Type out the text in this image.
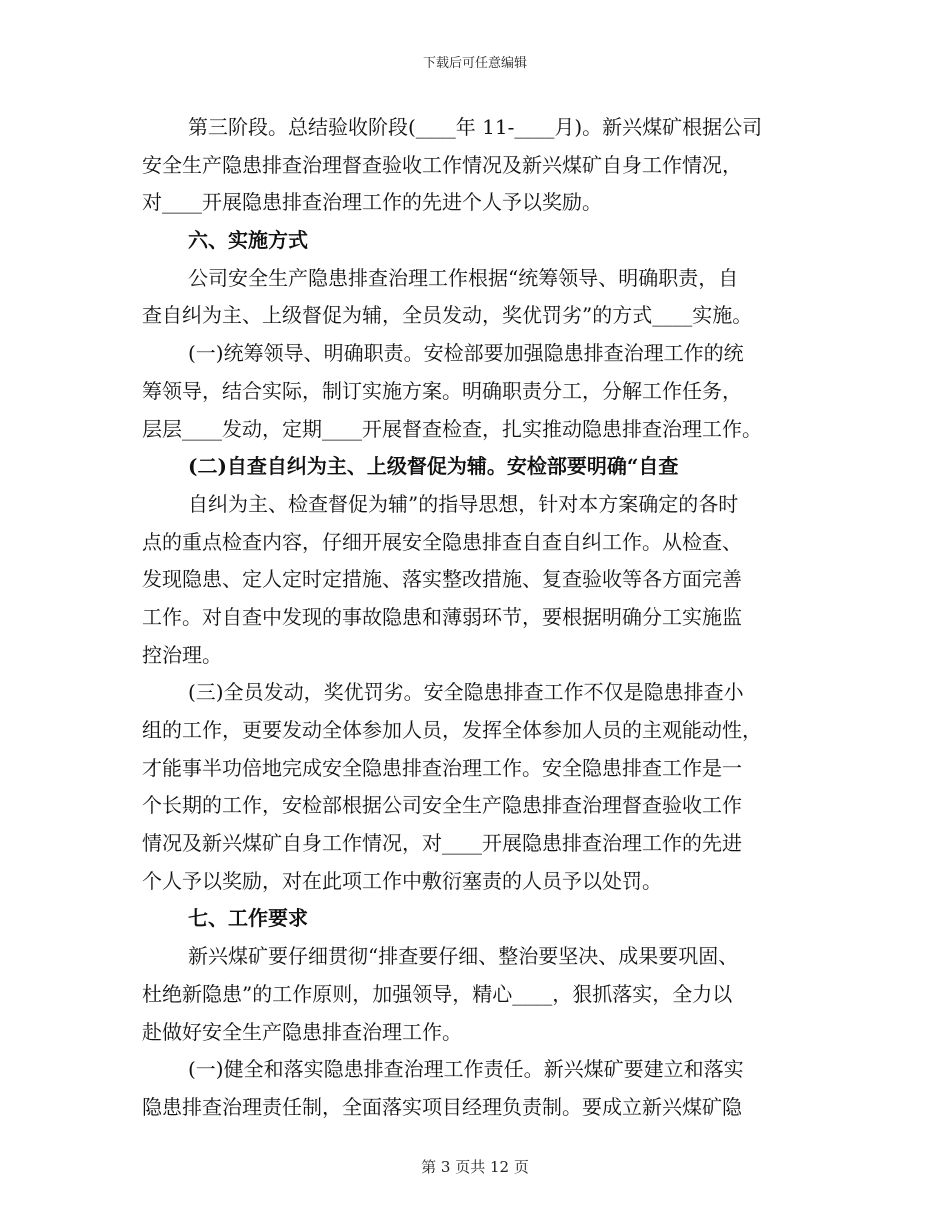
下载后可任意编辑
第三阶段。总结验收阶段(____年 11-____月)。新兴煤矿根据公司
安全生产隐患排查治理督查验收工作情况及新兴煤矿自身工作情况，
对____开展隐患排查治理工作的先进个人予以奖励。
六、实施方式
公司安全生产隐患排查治理工作根据“统筹领导、明确职责，自
查自纠为主、上级督促为辅，全员发动，奖优罚劣”的方式____实施。
(一)统筹领导、明确职责。安检部要加强隐患排查治理工作的统
筹领导，结合实际，制订实施方案。明确职责分工，分解工作任务，
层层____发动，定期____开展督查检查，扎实推动隐患排查治理工作。
(二)自查自纠为主、上级督促为辅。安检部要明确“自查
自纠为主、检查督促为辅”的指导思想，针对本方案确定的各时
点的重点检查内容，仔细开展安全隐患排查自查自纠工作。从检查、
发现隐患、定人定时定措施、落实整改措施、复查验收等各方面完善
工作。对自查中发现的事故隐患和薄弱环节，要根据明确分工实施监
控治理。
(三)全员发动，奖优罚劣。安全隐患排查工作不仅是隐患排查小
组的工作，更要发动全体参加人员，发挥全体参加人员的主观能动性，
才能事半功倍地完成安全隐患排查治理工作。安全隐患排查工作是一
个长期的工作，安检部根据公司安全生产隐患排查治理督查验收工作
情况及新兴煤矿自身工作情况，对____开展隐患排查治理工作的先进
个人予以奖励，对在此项工作中敷衍塞责的人员予以处罚。
七、工作要求
新兴煤矿要仔细贯彻“排查要仔细、整治要坚决、成果要巩固、
杜绝新隐患”的工作原则，加强领导，精心____，狠抓落实，全力以
赴做好安全生产隐患排查治理工作。
(一)健全和落实隐患排查治理工作责任。新兴煤矿要建立和落实
隐患排查治理责任制，全面落实项目经理负责制。要成立新兴煤矿隐
第 3 页共 12 页
